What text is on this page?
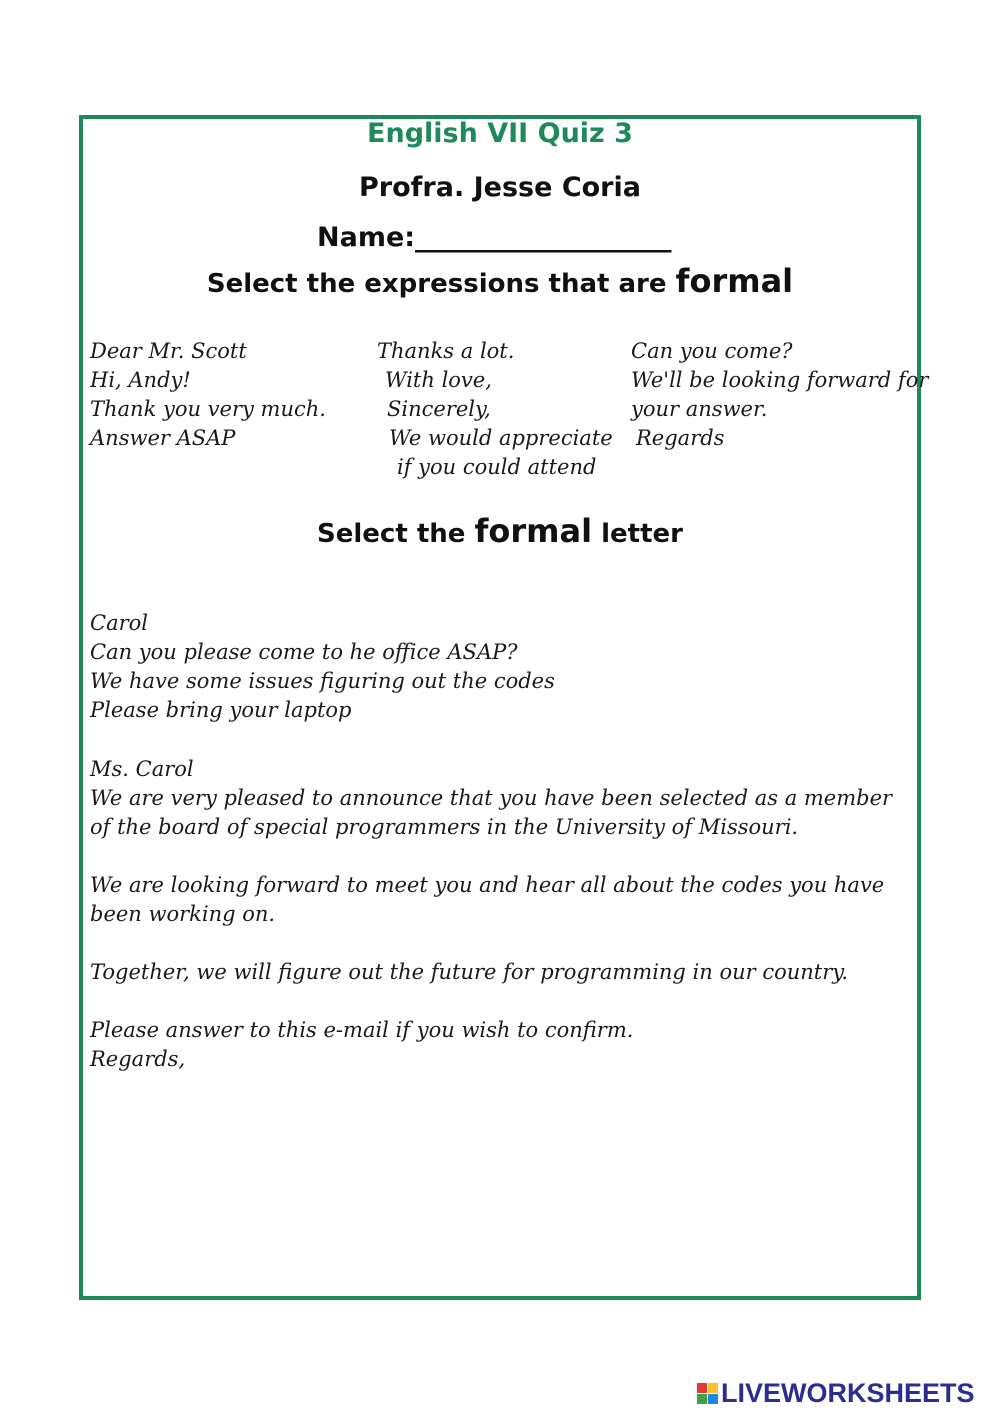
English VII Quiz 3
Profra. Jesse Coria
Name:___________________
Select the expressions that are formal
Dear Mr. Scott
Hi, Andy!
Thank you very much.
Answer ASAP
Thanks a lot.
With love,
Sincerely,
We would appreciate
if you could attend
Can you come?
We'll be looking forward for
your answer.
Regards
Select the formal letter
Carol
Can you please come to he office ASAP?
We have some issues figuring out the codes
Please bring your laptop
Ms. Carol
We are very pleased to announce that you have been selected as a member of the board of special programmers in the University of Missouri.
We are looking forward to meet you and hear all about the codes you have been working on.
Together, we will figure out the future for programming in our country.
Please answer to this e-mail if you wish to confirm.
Regards,
LIVEWORKSHEETS
